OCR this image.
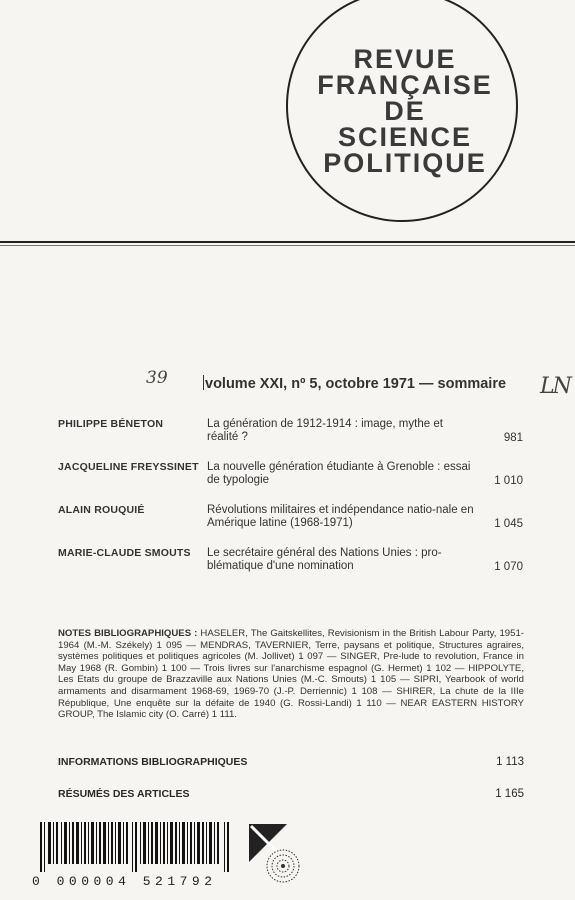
REVUE
FRANÇAISE
DE
SCIENCE
POLITIQUE
39	volume XXI, nº 5, octobre 1971 — sommaire	LN
PHILIPPE BÉNETON	La génération de 1912-1914 : image, mythe et réalité ?	981
JACQUELINE FREYSSINET La nouvelle génération étudiante à Grenoble : essai de typologie	1 010
ALAIN ROUQUIÉ	Révolutions militaires et indépendance natio-nale en Amérique latine (1968-1971)	1 045
MARIE-CLAUDE SMOUTS Le secrétaire général des Nations Unies : pro-blématique d'une nomination	1 070
NOTES BIBLIOGRAPHIQUES : HASELER, The Gaitskellites, Revisionism in the British Labour Party, 1951-1964 (M.-M. Székely) 1 095 — MENDRAS, TAVERNIER, Terre, paysans et politique, Structures agraires, systèmes politiques et politiques agricoles (M. Jollivet) 1 097 — SINGER, Pre-lude to revolution, France in May 1968 (R. Gombin) 1 100 — Trois livres sur l'anarchisme espagnol (G. Hermet) 1 102 — HIPPOLYTE, Les Etats du groupe de Brazzaville aux Nations Unies (M.-C. Smouts) 1 105 — SIPRI, Yearbook of world armaments and disarmament 1968-69, 1969-70 (J.-P. Derriennic) 1 108 — SHIRER, La chute de la IIIe République, Une enquête sur la défaite de 1940 (G. Rossi-Landi) 1 110 — NEAR EASTERN HISTORY GROUP, The Islamic city (O. Carré) 1 111.
INFORMATIONS BIBLIOGRAPHIQUES	1 113
RÉSUMÉS DES ARTICLES	1 165
0 000004 521792
